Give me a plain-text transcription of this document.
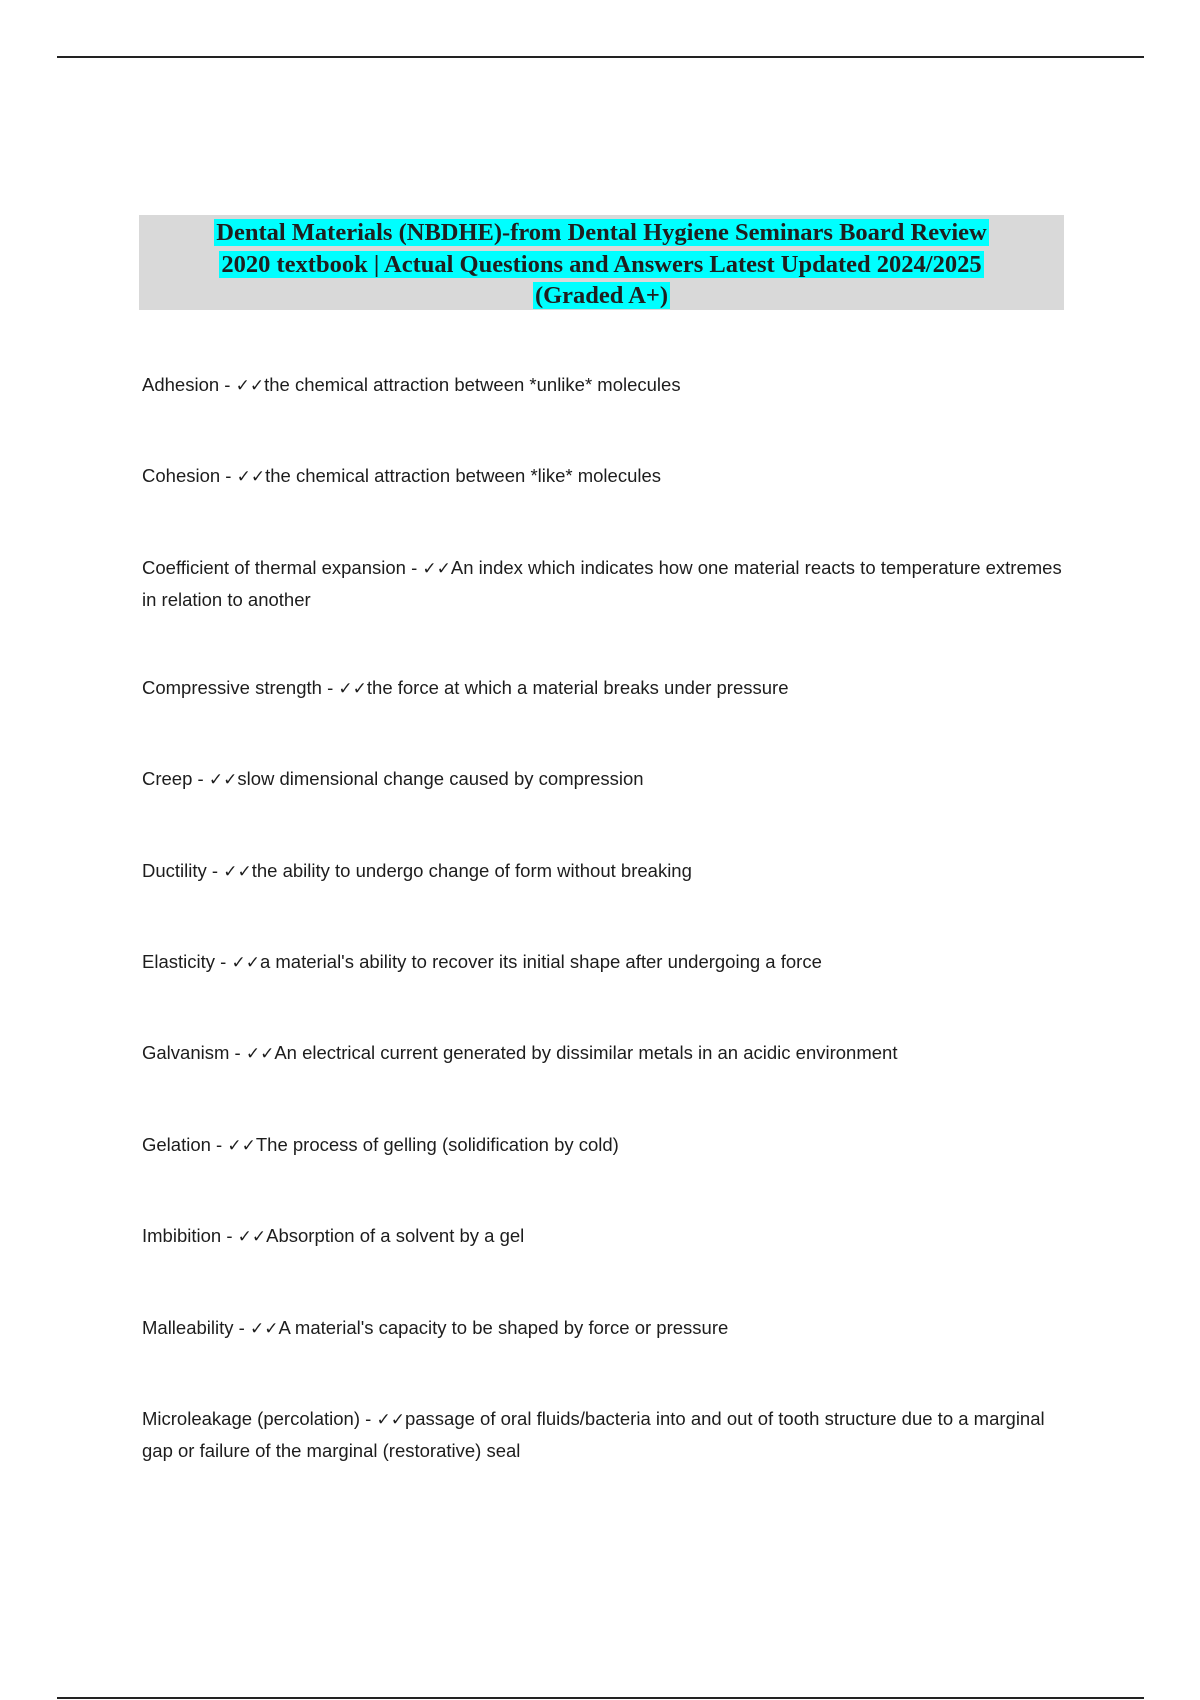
Dental Materials (NBDHE)-from Dental Hygiene Seminars Board Review
2020 textbook | Actual Questions and Answers Latest Updated 2024/2025
(Graded A+)
Adhesion - ✓✓the chemical attraction between *unlike* molecules
Cohesion - ✓✓the chemical attraction between *like* molecules
Coefficient of thermal expansion - ✓✓An index which indicates how one material reacts to temperature extremes in relation to another
Compressive strength - ✓✓the force at which a material breaks under pressure
Creep - ✓✓slow dimensional change caused by compression
Ductility - ✓✓the ability to undergo change of form without breaking
Elasticity - ✓✓a material's ability to recover its initial shape after undergoing a force
Galvanism - ✓✓An electrical current generated by dissimilar metals in an acidic environment
Gelation - ✓✓The process of gelling (solidification by cold)
Imbibition - ✓✓Absorption of a solvent by a gel
Malleability - ✓✓A material's capacity to be shaped by force or pressure
Microleakage (percolation) - ✓✓passage of oral fluids/bacteria into and out of tooth structure due to a marginal gap or failure of the marginal (restorative) seal
